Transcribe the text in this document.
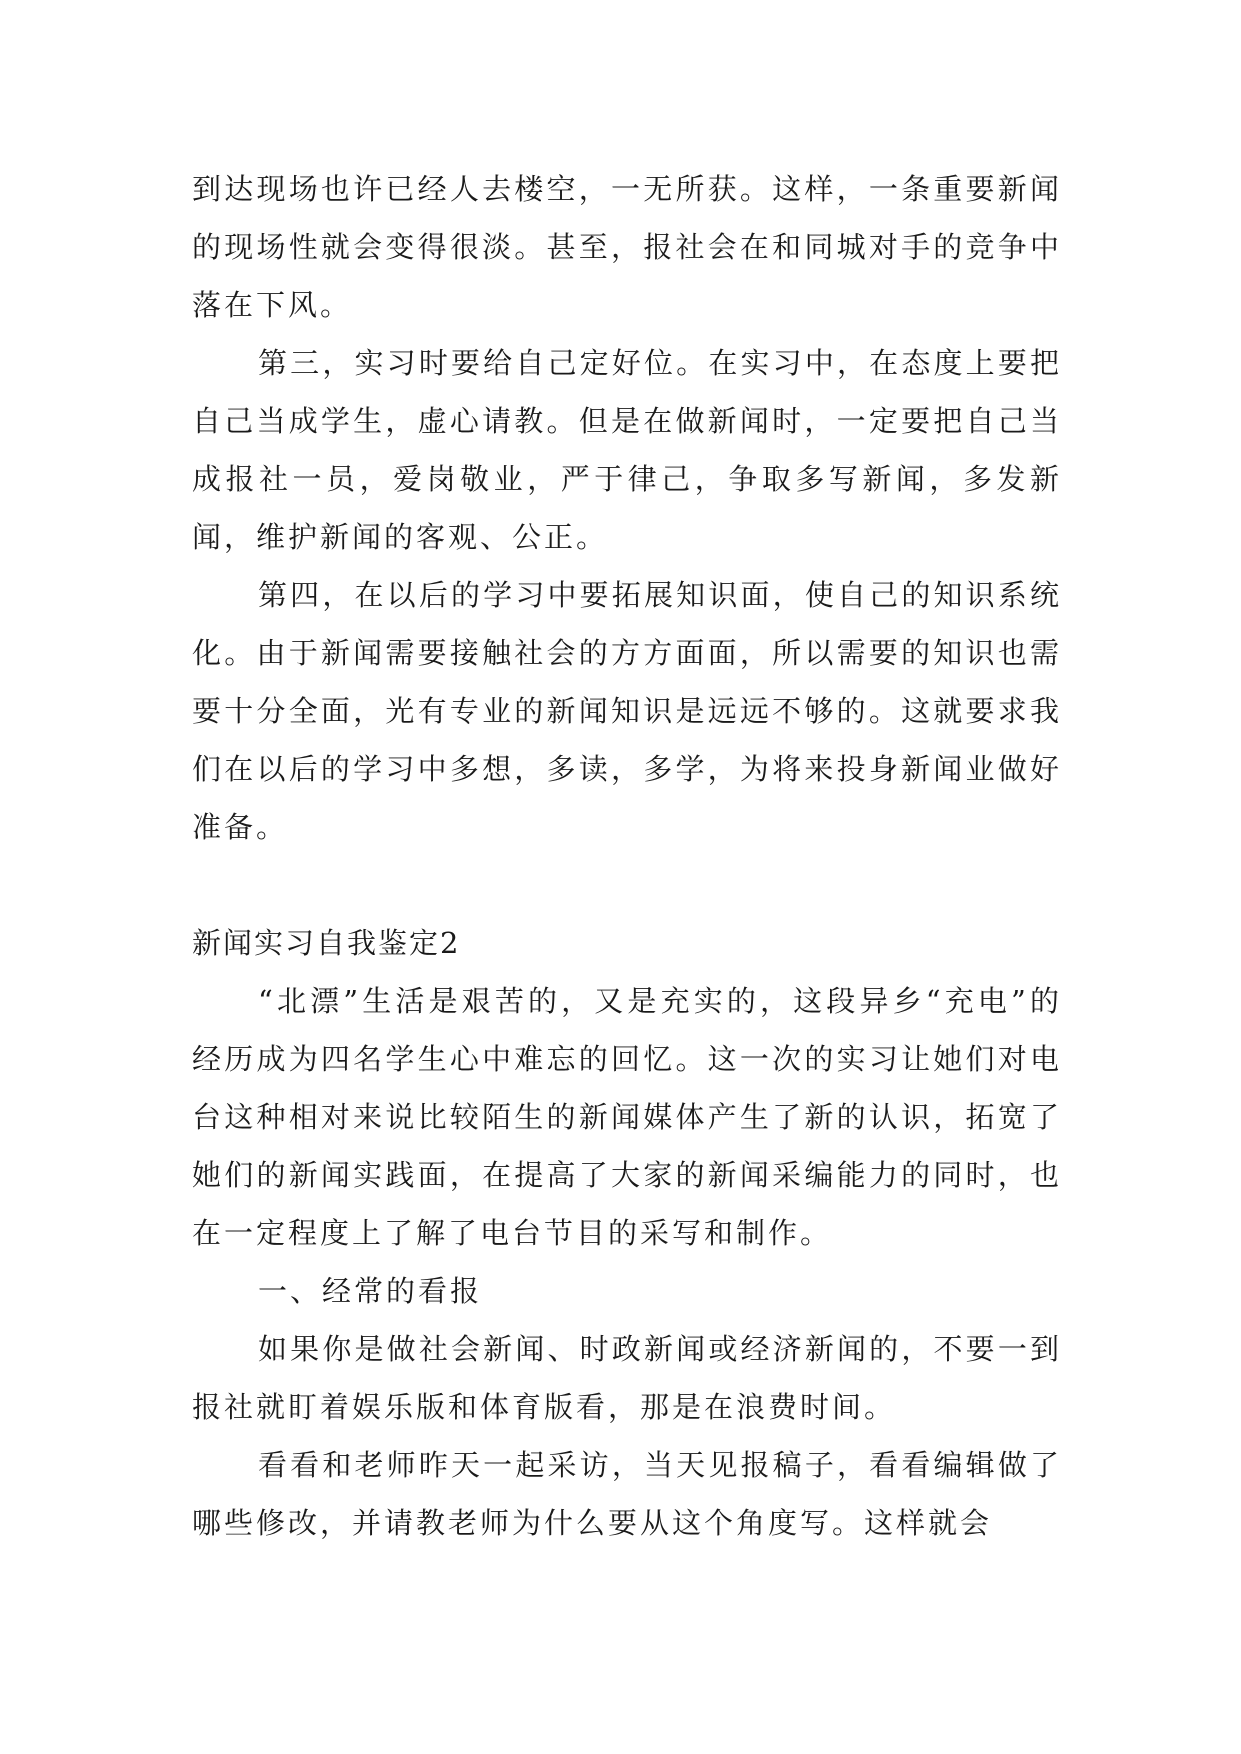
到达现场也许已经人去楼空，一无所获。这样，一条重要新闻的现场性就会变得很淡。甚至，报社会在和同城对手的竞争中落在下风。

第三，实习时要给自己定好位。在实习中，在态度上要把自己当成学生，虚心请教。但是在做新闻时，一定要把自己当成报社一员，爱岗敬业，严于律己，争取多写新闻，多发新闻，维护新闻的客观、公正。

第四，在以后的学习中要拓展知识面，使自己的知识系统化。由于新闻需要接触社会的方方面面，所以需要的知识也需要十分全面，光有专业的新闻知识是远远不够的。这就要求我们在以后的学习中多想，多读，多学，为将来投身新闻业做好准备。

新闻实习自我鉴定2

“北漂”生活是艰苦的，又是充实的，这段异乡“充电”的经历成为四名学生心中难忘的回忆。这一次的实习让她们对电台这种相对来说比较陌生的新闻媒体产生了新的认识，拓宽了她们的新闻实践面，在提高了大家的新闻采编能力的同时，也在一定程度上了解了电台节目的采写和制作。

一、经常的看报

如果你是做社会新闻、时政新闻或经济新闻的，不要一到报社就盯着娱乐版和体育版看，那是在浪费时间。

看看和老师昨天一起采访，当天见报稿子，看看编辑做了哪些修改，并请教老师为什么要从这个角度写。这样就会
